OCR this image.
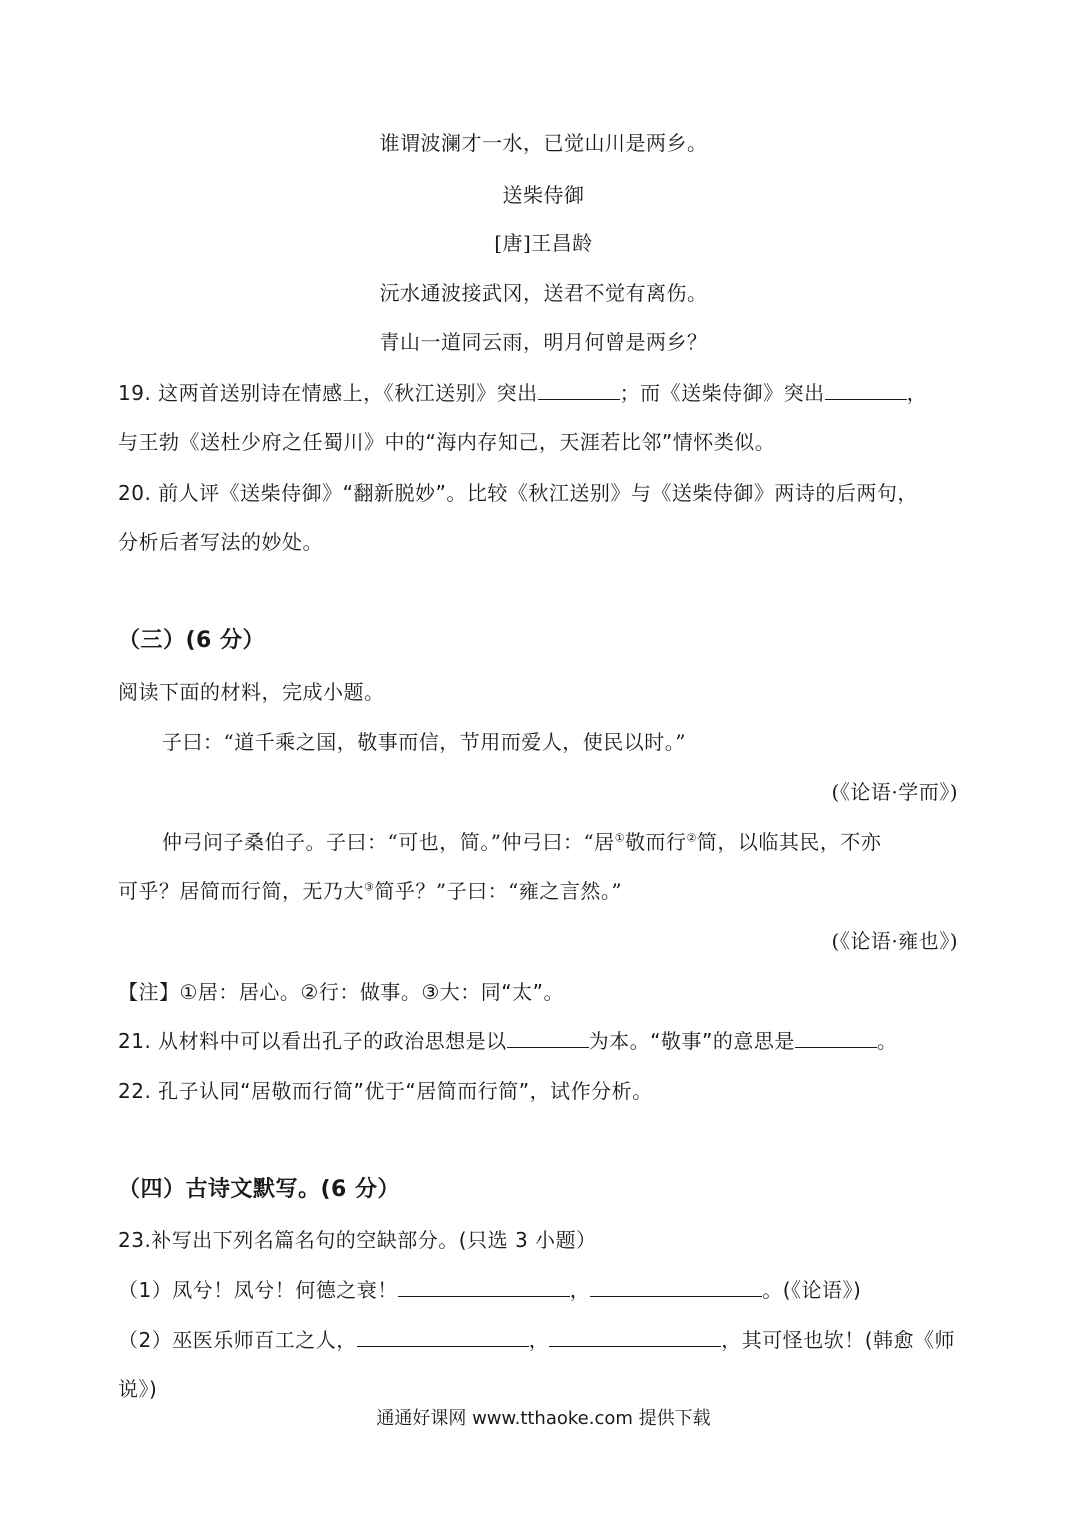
谁谓波澜才一水，已觉山川是两乡。
送柴侍御
[唐]王昌龄
沅水通波接武冈，送君不觉有离伤。
青山一道同云雨，明月何曾是两乡？
19. 这两首送别诗在情感上，《秋江送别》突出	；而《送柴侍御》突出	，
与王勃《送杜少府之任蜀川》中的“海内存知己，天涯若比邻”情怀类似。
20. 前人评《送柴侍御》“翻新脱妙”。比较《秋江送别》与《送柴侍御》两诗的后两句，
分析后者写法的妙处。
（三）(6 分）
阅读下面的材料，完成小题。
子曰：“道千乘之国，敬事而信，节用而爱人，使民以时。”
(《论语·学而》)
仲弓问子桑伯子。子曰：“可也，简。”仲弓曰：“居①敬而行②简，以临其民，不亦
可乎？居简而行简，无乃大③简乎？”子曰：“雍之言然。”
(《论语·雍也》)
【注】①居：居心。②行：做事。③大：同“太”。
21. 从材料中可以看出孔子的政治思想是以	为本。“敬事”的意思是	。
22. 孔子认同“居敬而行简”优于“居简而行简”，试作分析。
（四）古诗文默写。(6 分）
23.补写出下列名篇名句的空缺部分。(只选 3 小题）
（1）凤兮！凤兮！何德之衰！	，	。(《论语》)
（2）巫医乐师百工之人，	，	，其可怪也欤！(韩愈《师
说》)
通通好课网 www.tthaoke.com 提供下载
